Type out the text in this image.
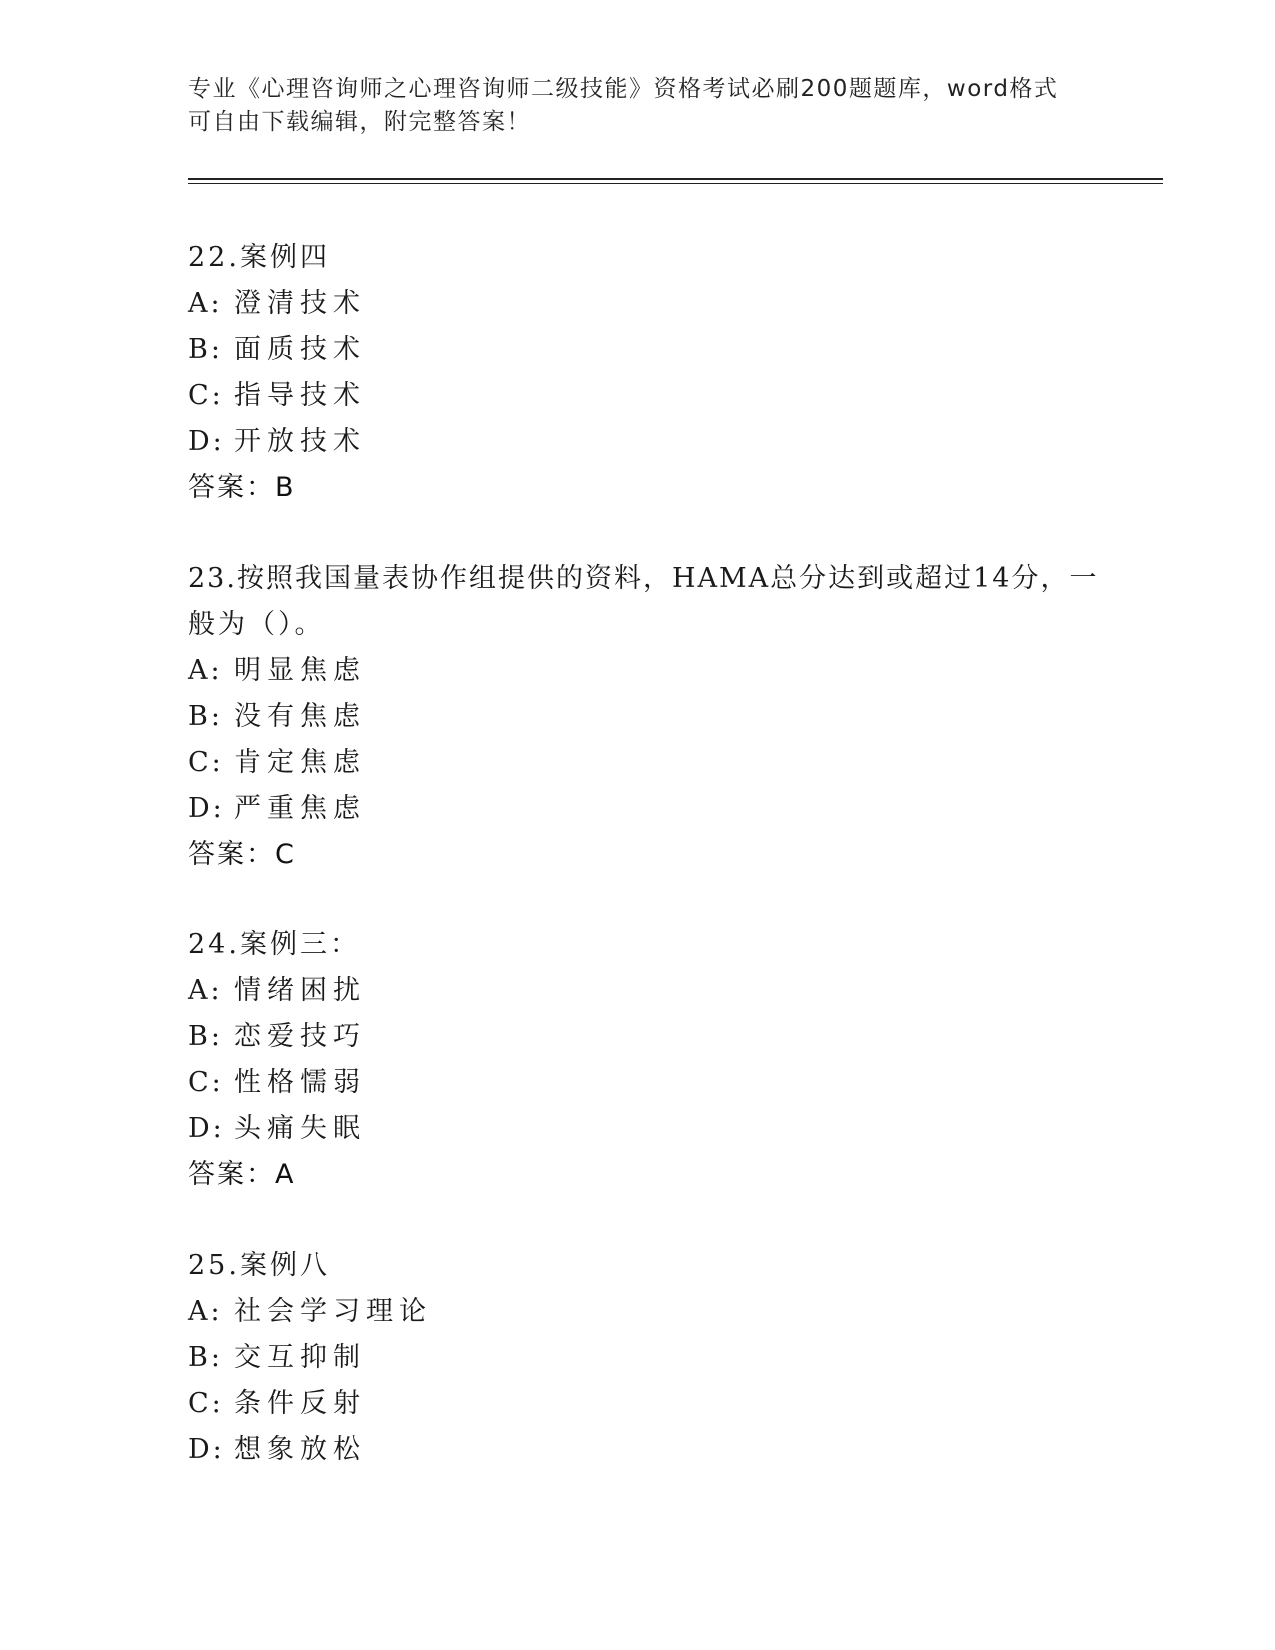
专业《心理咨询师之心理咨询师二级技能》资格考试必刷200题题库，word格式
可自由下载编辑，附完整答案！
22.案例四
A: 澄清技术
B: 面质技术
C: 指导技术
D: 开放技术
答案：B
23.按照我国量表协作组提供的资料，HAMA总分达到或超过14分，一
般为（）。
A: 明显焦虑
B: 没有焦虑
C: 肯定焦虑
D: 严重焦虑
答案：C
24.案例三：
A: 情绪困扰
B: 恋爱技巧
C: 性格懦弱
D: 头痛失眠
答案：A
25.案例八
A: 社会学习理论
B: 交互抑制
C: 条件反射
D: 想象放松
